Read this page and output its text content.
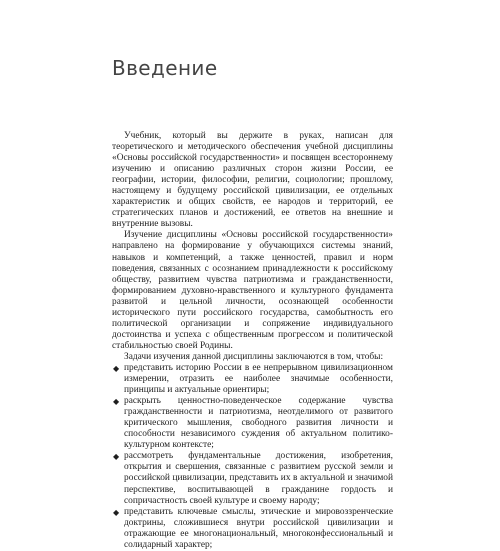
Введение

Учебник, который вы держите в руках, написан для теоретического и методического обеспечения учебной дисциплины «Основы российской государственности» и посвящен всестороннему изучению и описанию различных сторон жизни России, ее географии, истории, философии, религии, социологии; прошлому, настоящему и будущему российской цивилизации, ее отдельных характеристик и общих свойств, ее народов и территорий, ее стратегических планов и достижений, ее ответов на внешние и внутренние вызовы.

Изучение дисциплины «Основы российской государственности» направлено на формирование у обучающихся системы знаний, навыков и компетенций, а также ценностей, правил и норм поведения, связанных с осознанием принадлежности к российскому обществу, развитием чувства патриотизма и гражданственности, формированием духовно-нравственного и культурного фундамента развитой и цельной личности, осознающей особенности исторического пути российского государства, самобытность его политической организации и сопряжение индивидуального достоинства и успеха с общественным прогрессом и политической стабильностью своей Родины.

Задачи изучения данной дисциплины заключаются в том, чтобы:

◆ представить историю России в ее непрерывном цивилизационном измерении, отразить ее наиболее значимые особенности, принципы и актуальные ориентиры;
◆ раскрыть ценностно-поведенческое содержание чувства гражданственности и патриотизма, неотделимого от развитого критического мышления, свободного развития личности и способности независимого суждения об актуальном политико-культурном контексте;
◆ рассмотреть фундаментальные достижения, изобретения, открытия и свершения, связанные с развитием русской земли и российской цивилизации, представить их в актуальной и значимой перспективе, воспитывающей в гражданине гордость и сопричастность своей культуре и своему народу;
◆ представить ключевые смыслы, этические и мировоззренческие доктрины, сложившиеся внутри российской цивилизации и отражающие ее многонациональный, многоконфессиональный и солидарный характер;
